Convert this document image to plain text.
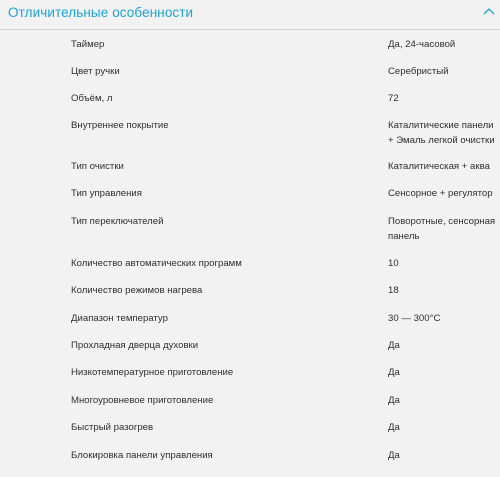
Отличительные особенности
Таймер	Да, 24-часовой
Цвет ручки	Серебристый
Объём, л	72
Внутреннее покрытие	Каталитические панели + Эмаль легкой очистки
Тип очистки	Каталитическая + аква
Тип управления	Сенсорное + регулятор
Тип переключателей	Поворотные, сенсорная панель
Количество автоматических программ	10
Количество режимов нагрева	18
Диапазон температур	30 — 300°C
Прохладная дверца духовки	Да
Низкотемпературное приготовление	Да
Многоуровневое приготовление	Да
Быстрый разогрев	Да
Блокировка панели управления	Да
